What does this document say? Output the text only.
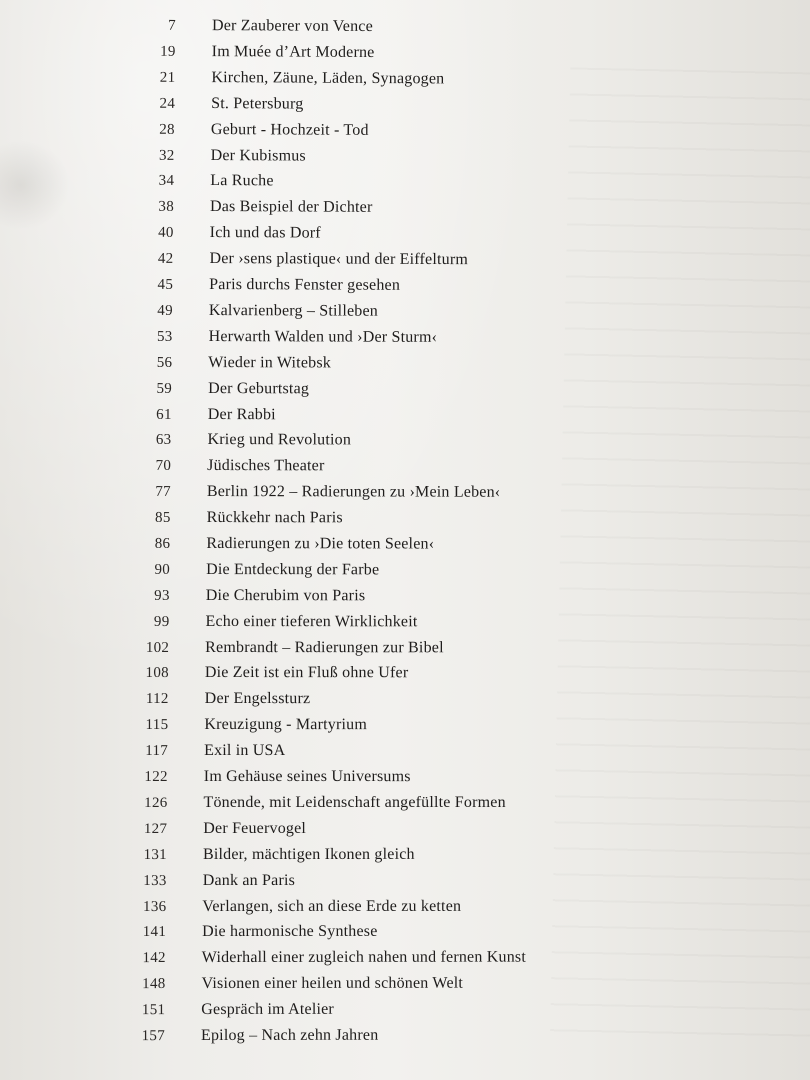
7 Der Zauberer von Vence
19 Im Muée d’Art Moderne
21 Kirchen, Zäune, Läden, Synagogen
24 St. Petersburg
28 Geburt - Hochzeit - Tod
32 Der Kubismus
34 La Ruche
38 Das Beispiel der Dichter
40 Ich und das Dorf
42 Der ›sens plastique‹ und der Eiffelturm
45 Paris durchs Fenster gesehen
49 Kalvarienberg – Stilleben
53 Herwarth Walden und ›Der Sturm‹
56 Wieder in Witebsk
59 Der Geburtstag
61 Der Rabbi
63 Krieg und Revolution
70 Jüdisches Theater
77 Berlin 1922 – Radierungen zu ›Mein Leben‹
85 Rückkehr nach Paris
86 Radierungen zu ›Die toten Seelen‹
90 Die Entdeckung der Farbe
93 Die Cherubim von Paris
99 Echo einer tieferen Wirklichkeit
102 Rembrandt – Radierungen zur Bibel
108 Die Zeit ist ein Fluß ohne Ufer
112 Der Engelssturz
115 Kreuzigung - Martyrium
117 Exil in USA
122 Im Gehäuse seines Universums
126 Tönende, mit Leidenschaft angefüllte Formen
127 Der Feuervogel
131 Bilder, mächtigen Ikonen gleich
133 Dank an Paris
136 Verlangen, sich an diese Erde zu ketten
141 Die harmonische Synthese
142 Widerhall einer zugleich nahen und fernen Kunst
148 Visionen einer heilen und schönen Welt
151 Gespräch im Atelier
157 Epilog – Nach zehn Jahren
